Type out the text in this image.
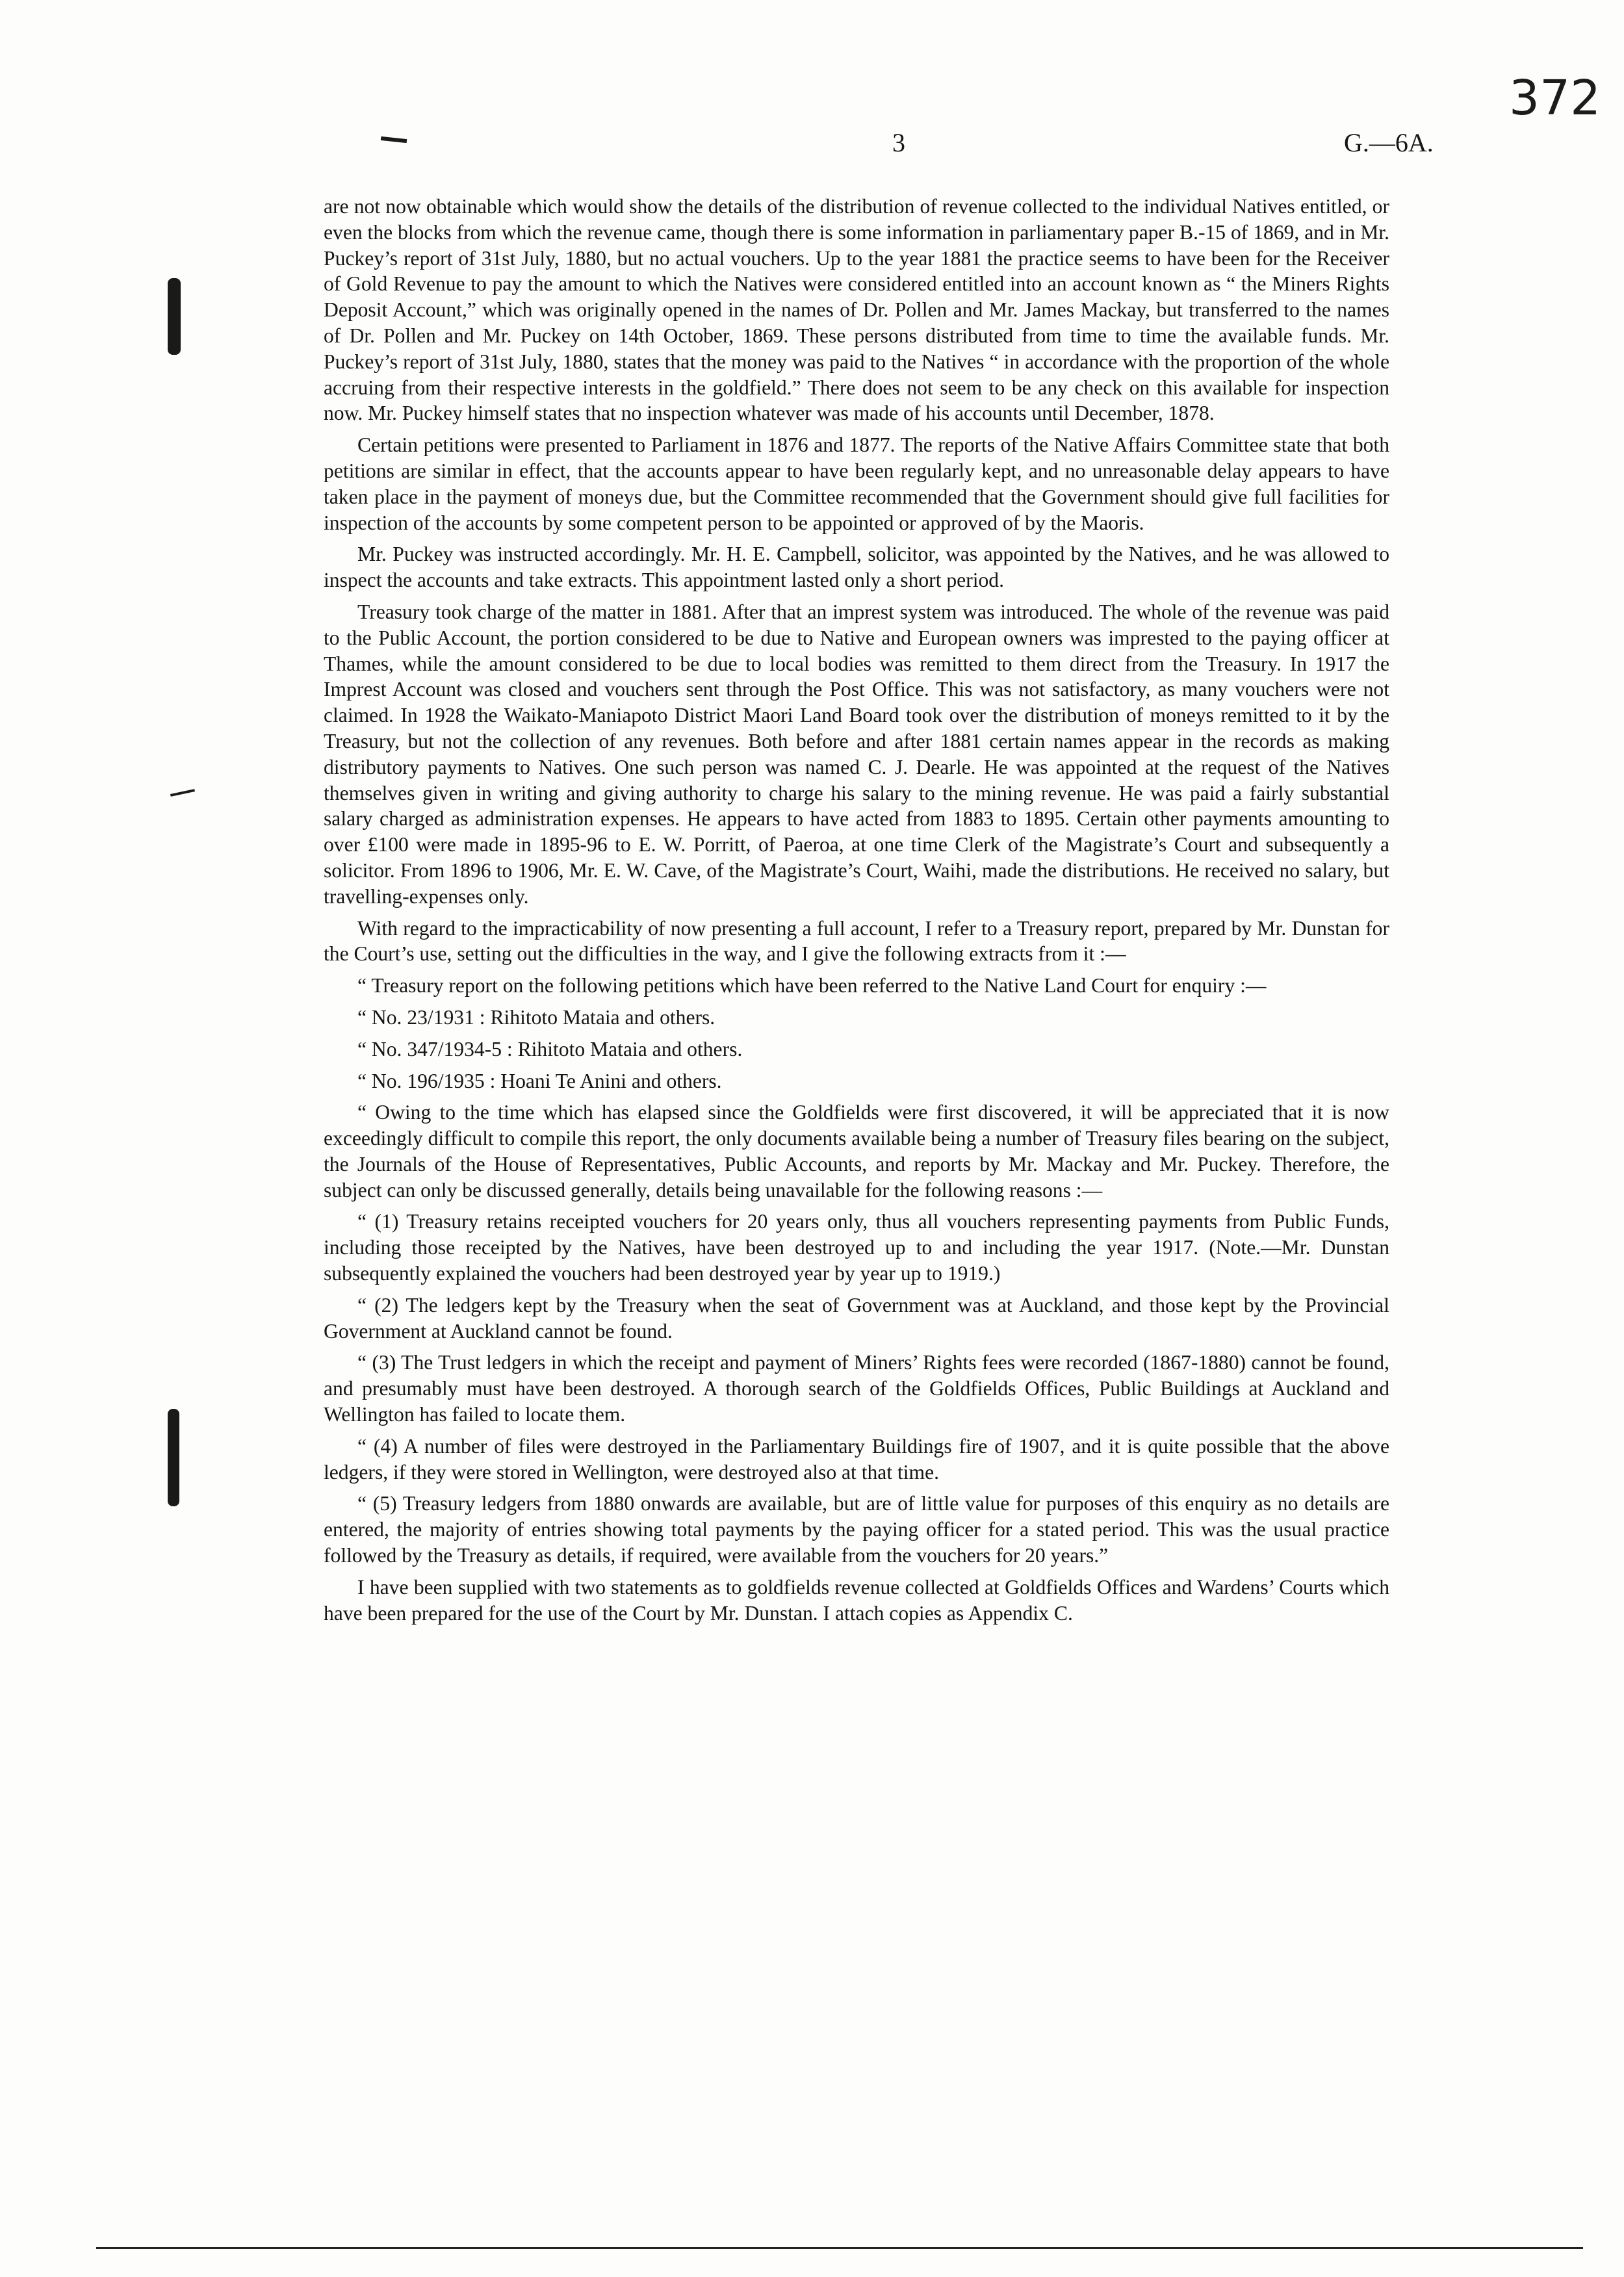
372
3	G.—6A.

are not now obtainable which would show the details of the distribution of revenue collected to the individual Natives entitled, or even the blocks from which the revenue came, though there is some information in parliamentary paper B.-15 of 1869, and in Mr. Puckey’s report of 31st July, 1880, but no actual vouchers. Up to the year 1881 the practice seems to have been for the Receiver of Gold Revenue to pay the amount to which the Natives were considered entitled into an account known as “ the Miners Rights Deposit Account,” which was originally opened in the names of Dr. Pollen and Mr. James Mackay, but transferred to the names of Dr. Pollen and Mr. Puckey on 14th October, 1869. These persons distributed from time to time the available funds. Mr. Puckey’s report of 31st July, 1880, states that the money was paid to the Natives “ in accordance with the proportion of the whole accruing from their respective interests in the goldfield.” There does not seem to be any check on this available for inspection now. Mr. Puckey himself states that no inspection whatever was made of his accounts until December, 1878.

Certain petitions were presented to Parliament in 1876 and 1877. The reports of the Native Affairs Committee state that both petitions are similar in effect, that the accounts appear to have been regularly kept, and no unreasonable delay appears to have taken place in the payment of moneys due, but the Committee recommended that the Government should give full facilities for inspection of the accounts by some competent person to be appointed or approved of by the Maoris.

Mr. Puckey was instructed accordingly. Mr. H. E. Campbell, solicitor, was appointed by the Natives, and he was allowed to inspect the accounts and take extracts. This appointment lasted only a short period.

Treasury took charge of the matter in 1881. After that an imprest system was introduced. The whole of the revenue was paid to the Public Account, the portion considered to be due to Native and European owners was imprested to the paying officer at Thames, while the amount considered to be due to local bodies was remitted to them direct from the Treasury. In 1917 the Imprest Account was closed and vouchers sent through the Post Office. This was not satisfactory, as many vouchers were not claimed. In 1928 the Waikato-Maniapoto District Maori Land Board took over the distribution of moneys remitted to it by the Treasury, but not the collection of any revenues. Both before and after 1881 certain names appear in the records as making distributory payments to Natives. One such person was named C. J. Dearle. He was appointed at the request of the Natives themselves given in writing and giving authority to charge his salary to the mining revenue. He was paid a fairly substantial salary charged as administration expenses. He appears to have acted from 1883 to 1895. Certain other payments amounting to over £100 were made in 1895-96 to E. W. Porritt, of Paeroa, at one time Clerk of the Magistrate’s Court and subsequently a solicitor. From 1896 to 1906, Mr. E. W. Cave, of the Magistrate’s Court, Waihi, made the distributions. He received no salary, but travelling-expenses only.

With regard to the impracticability of now presenting a full account, I refer to a Treasury report, prepared by Mr. Dunstan for the Court’s use, setting out the difficulties in the way, and I give the following extracts from it :—

“ Treasury report on the following petitions which have been referred to the Native Land Court for enquiry :—

“ No. 23/1931 : Rihitoto Mataia and others.

“ No. 347/1934-5 : Rihitoto Mataia and others.

“ No. 196/1935 : Hoani Te Anini and others.

“ Owing to the time which has elapsed since the Goldfields were first discovered, it will be appreciated that it is now exceedingly difficult to compile this report, the only documents available being a number of Treasury files bearing on the subject, the Journals of the House of Representatives, Public Accounts, and reports by Mr. Mackay and Mr. Puckey. Therefore, the subject can only be discussed generally, details being unavailable for the following reasons :—

“ (1) Treasury retains receipted vouchers for 20 years only, thus all vouchers representing payments from Public Funds, including those receipted by the Natives, have been destroyed up to and including the year 1917. (Note.—Mr. Dunstan subsequently explained the vouchers had been destroyed year by year up to 1919.)

“ (2) The ledgers kept by the Treasury when the seat of Government was at Auckland, and those kept by the Provincial Government at Auckland cannot be found.

“ (3) The Trust ledgers in which the receipt and payment of Miners’ Rights fees were recorded (1867-1880) cannot be found, and presumably must have been destroyed. A thorough search of the Goldfields Offices, Public Buildings at Auckland and Wellington has failed to locate them.

“ (4) A number of files were destroyed in the Parliamentary Buildings fire of 1907, and it is quite possible that the above ledgers, if they were stored in Wellington, were destroyed also at that time.

“ (5) Treasury ledgers from 1880 onwards are available, but are of little value for purposes of this enquiry as no details are entered, the majority of entries showing total payments by the paying officer for a stated period. This was the usual practice followed by the Treasury as details, if required, were available from the vouchers for 20 years.”

I have been supplied with two statements as to goldfields revenue collected at Goldfields Offices and Wardens’ Courts which have been prepared for the use of the Court by Mr. Dunstan. I attach copies as Appendix C.
